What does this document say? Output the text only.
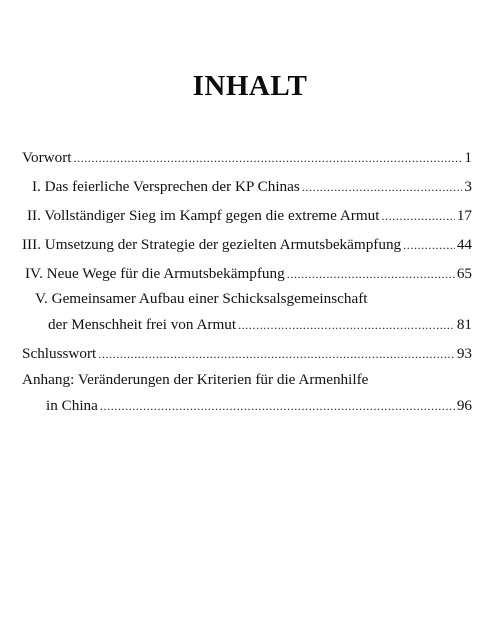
INHALT
Vorwort .....	1
I. Das feierliche Versprechen der KP Chinas .....	3
II. Vollständiger Sieg im Kampf gegen die extreme Armut .....	17
III. Umsetzung der Strategie der gezielten Armutsbekämpfung .....	44
IV. Neue Wege für die Armutsbekämpfung .....	65
V. Gemeinsamer Aufbau einer Schicksalsgemeinschaft
der Menschheit frei von Armut .....	81
Schlusswort .....	93
Anhang: Veränderungen der Kriterien für die Armenhilfe
in China .....	96
